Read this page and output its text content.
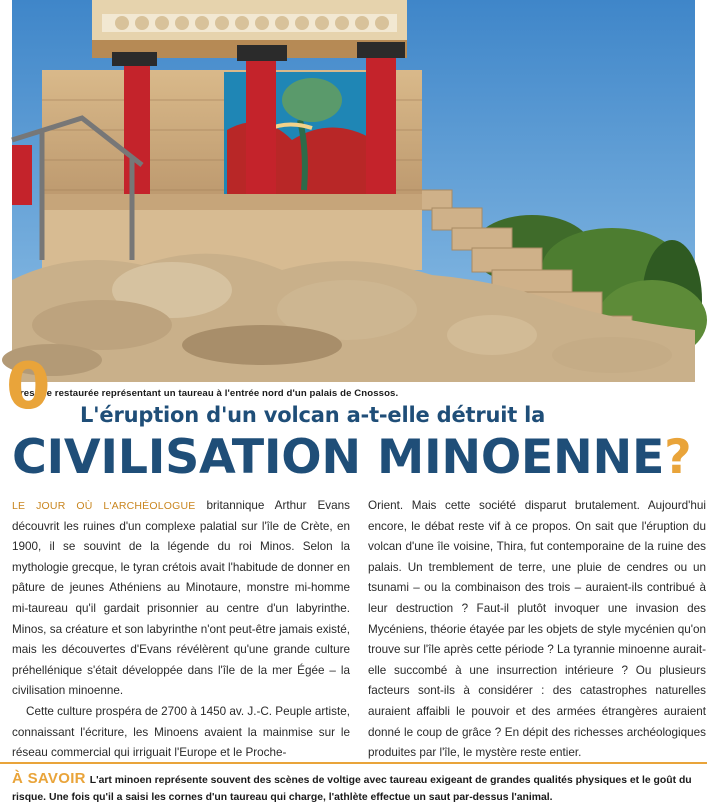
Fresque restaurée représentant un taureau à l'entrée nord d'un palais de Cnossos.
0	L'éruption d'un volcan a-t-elle détruit la
CIVILISATION MINOENNE?

LE JOUR OÙ L'ARCHÉOLOGUE britannique Arthur Evans découvrit les ruines d'un complexe palatial sur l'île de Crète, en 1900, il se souvint de la légende du roi Minos. Selon la mythologie grecque, le tyran crétois avait l'habitude de donner en pâture de jeunes Athéniens au Minotaure, monstre mi-homme mi-taureau qu'il gardait prisonnier au centre d'un labyrinthe. Minos, sa créature et son labyrinthe n'ont peut-être jamais existé, mais les découvertes d'Evans révélèrent qu'une grande culture préhellénique s'était développée dans l'île de la mer Égée – la civilisation minoenne.

Cette culture prospéra de 2700 à 1450 av. J.-C. Peuple artiste, connaissant l'écriture, les Minoens avaient la mainmise sur le réseau commercial qui irriguait l'Europe et le Proche-

Orient. Mais cette société disparut brutalement. Aujourd'hui encore, le débat reste vif à ce propos. On sait que l'éruption du volcan d'une île voisine, Thira, fut contemporaine de la ruine des palais. Un tremblement de terre, une pluie de cendres ou un tsunami – ou la combinaison des trois – auraient-ils contribué à leur destruction ? Faut-il plutôt invoquer une invasion des Mycéniens, théorie étayée par les objets de style mycénien qu'on trouve sur l'île après cette période ? La tyrannie minoenne aurait-elle succombé à une insurrection intérieure ? Ou plusieurs facteurs sont-ils à considérer : des catastrophes naturelles auraient affaibli le pouvoir et des armées étrangères auraient donné le coup de grâce ? En dépit des richesses archéologiques produites par l'île, le mystère reste entier.

À SAVOIR L'art minoen représente souvent des scènes de voltige avec taureau exigeant de grandes qualités physiques et le goût du risque. Une fois qu'il a saisi les cornes d'un taureau qui charge, l'athlète effectue un saut par-dessus l'animal.
